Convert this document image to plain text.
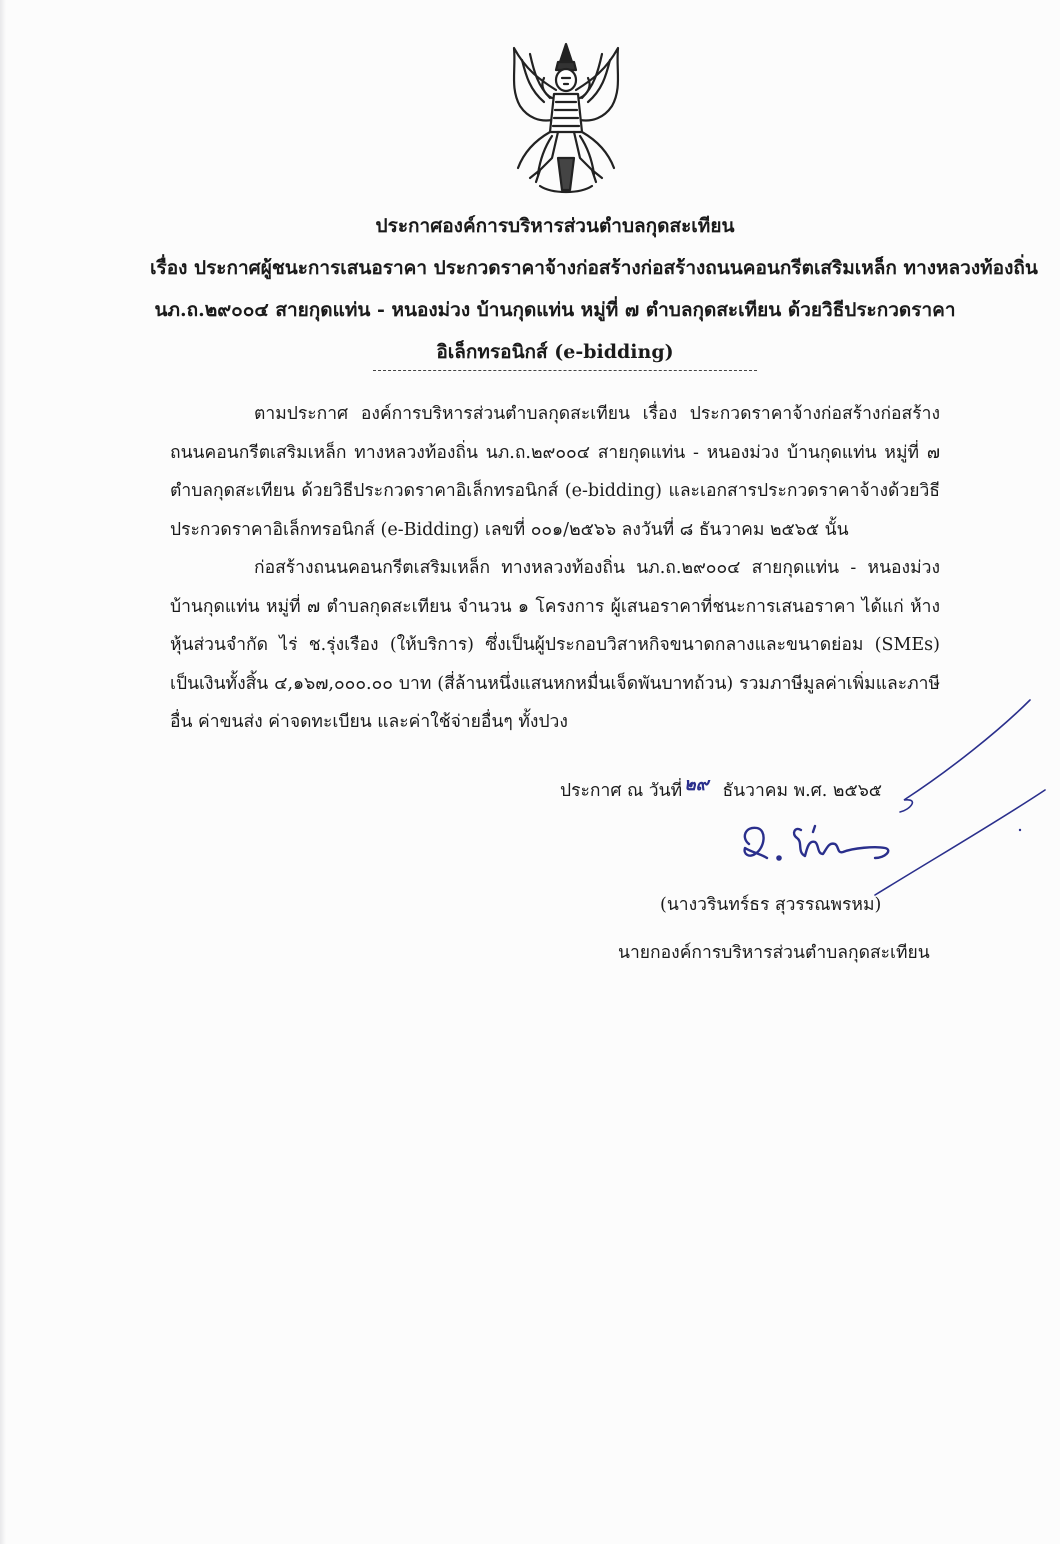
ประกาศองค์การบริหารส่วนตำบลกุดสะเทียน
เรื่อง ประกาศผู้ชนะการเสนอราคา ประกวดราคาจ้างก่อสร้างก่อสร้างถนนคอนกรีตเสริมเหล็ก ทางหลวงท้องถิ่น
นภ.ถ.๒๙๐๐๔ สายกุดแท่น - หนองม่วง บ้านกุดแท่น หมู่ที่ ๗ ตำบลกุดสะเทียน ด้วยวิธีประกวดราคา
อิเล็กทรอนิกส์ (e-bidding)

ตามประกาศ องค์การบริหารส่วนตำบลกุดสะเทียน เรื่อง ประกวดราคาจ้างก่อสร้างก่อสร้างถนนคอนกรีตเสริมเหล็ก ทางหลวงท้องถิ่น นภ.ถ.๒๙๐๐๔ สายกุดแท่น - หนองม่วง บ้านกุดแท่น หมู่ที่ ๗ ตำบลกุดสะเทียน ด้วยวิธีประกวดราคาอิเล็กทรอนิกส์ (e-bidding) และเอกสารประกวดราคาจ้างด้วยวิธีประกวดราคาอิเล็กทรอนิกส์ (e-Bidding) เลขที่ ๐๐๑/๒๕๖๖ ลงวันที่ ๘ ธันวาคม ๒๕๖๕ นั้น

ก่อสร้างถนนคอนกรีตเสริมเหล็ก ทางหลวงท้องถิ่น นภ.ถ.๒๙๐๐๔ สายกุดแท่น - หนองม่วง บ้านกุดแท่น หมู่ที่ ๗ ตำบลกุดสะเทียน จำนวน ๑ โครงการ ผู้เสนอราคาที่ชนะการเสนอราคา ได้แก่ ห้างหุ้นส่วนจำกัด ไร่ ช.รุ่งเรือง (ให้บริการ) ซึ่งเป็นผู้ประกอบวิสาหกิจขนาดกลางและขนาดย่อม (SMEs) เป็นเงินทั้งสิ้น ๔,๑๖๗,๐๐๐.๐๐ บาท (สี่ล้านหนึ่งแสนหกหมื่นเจ็ดพันบาทถ้วน) รวมภาษีมูลค่าเพิ่มและภาษีอื่น ค่าขนส่ง ค่าจดทะเบียน และค่าใช้จ่ายอื่นๆ ทั้งปวง

ประกาศ ณ วันที่ ๒๙ ธันวาคม พ.ศ. ๒๕๖๕
(นางวรินทร์ธร สุวรรณพรหม)
นายกองค์การบริหารส่วนตำบลกุดสะเทียน
